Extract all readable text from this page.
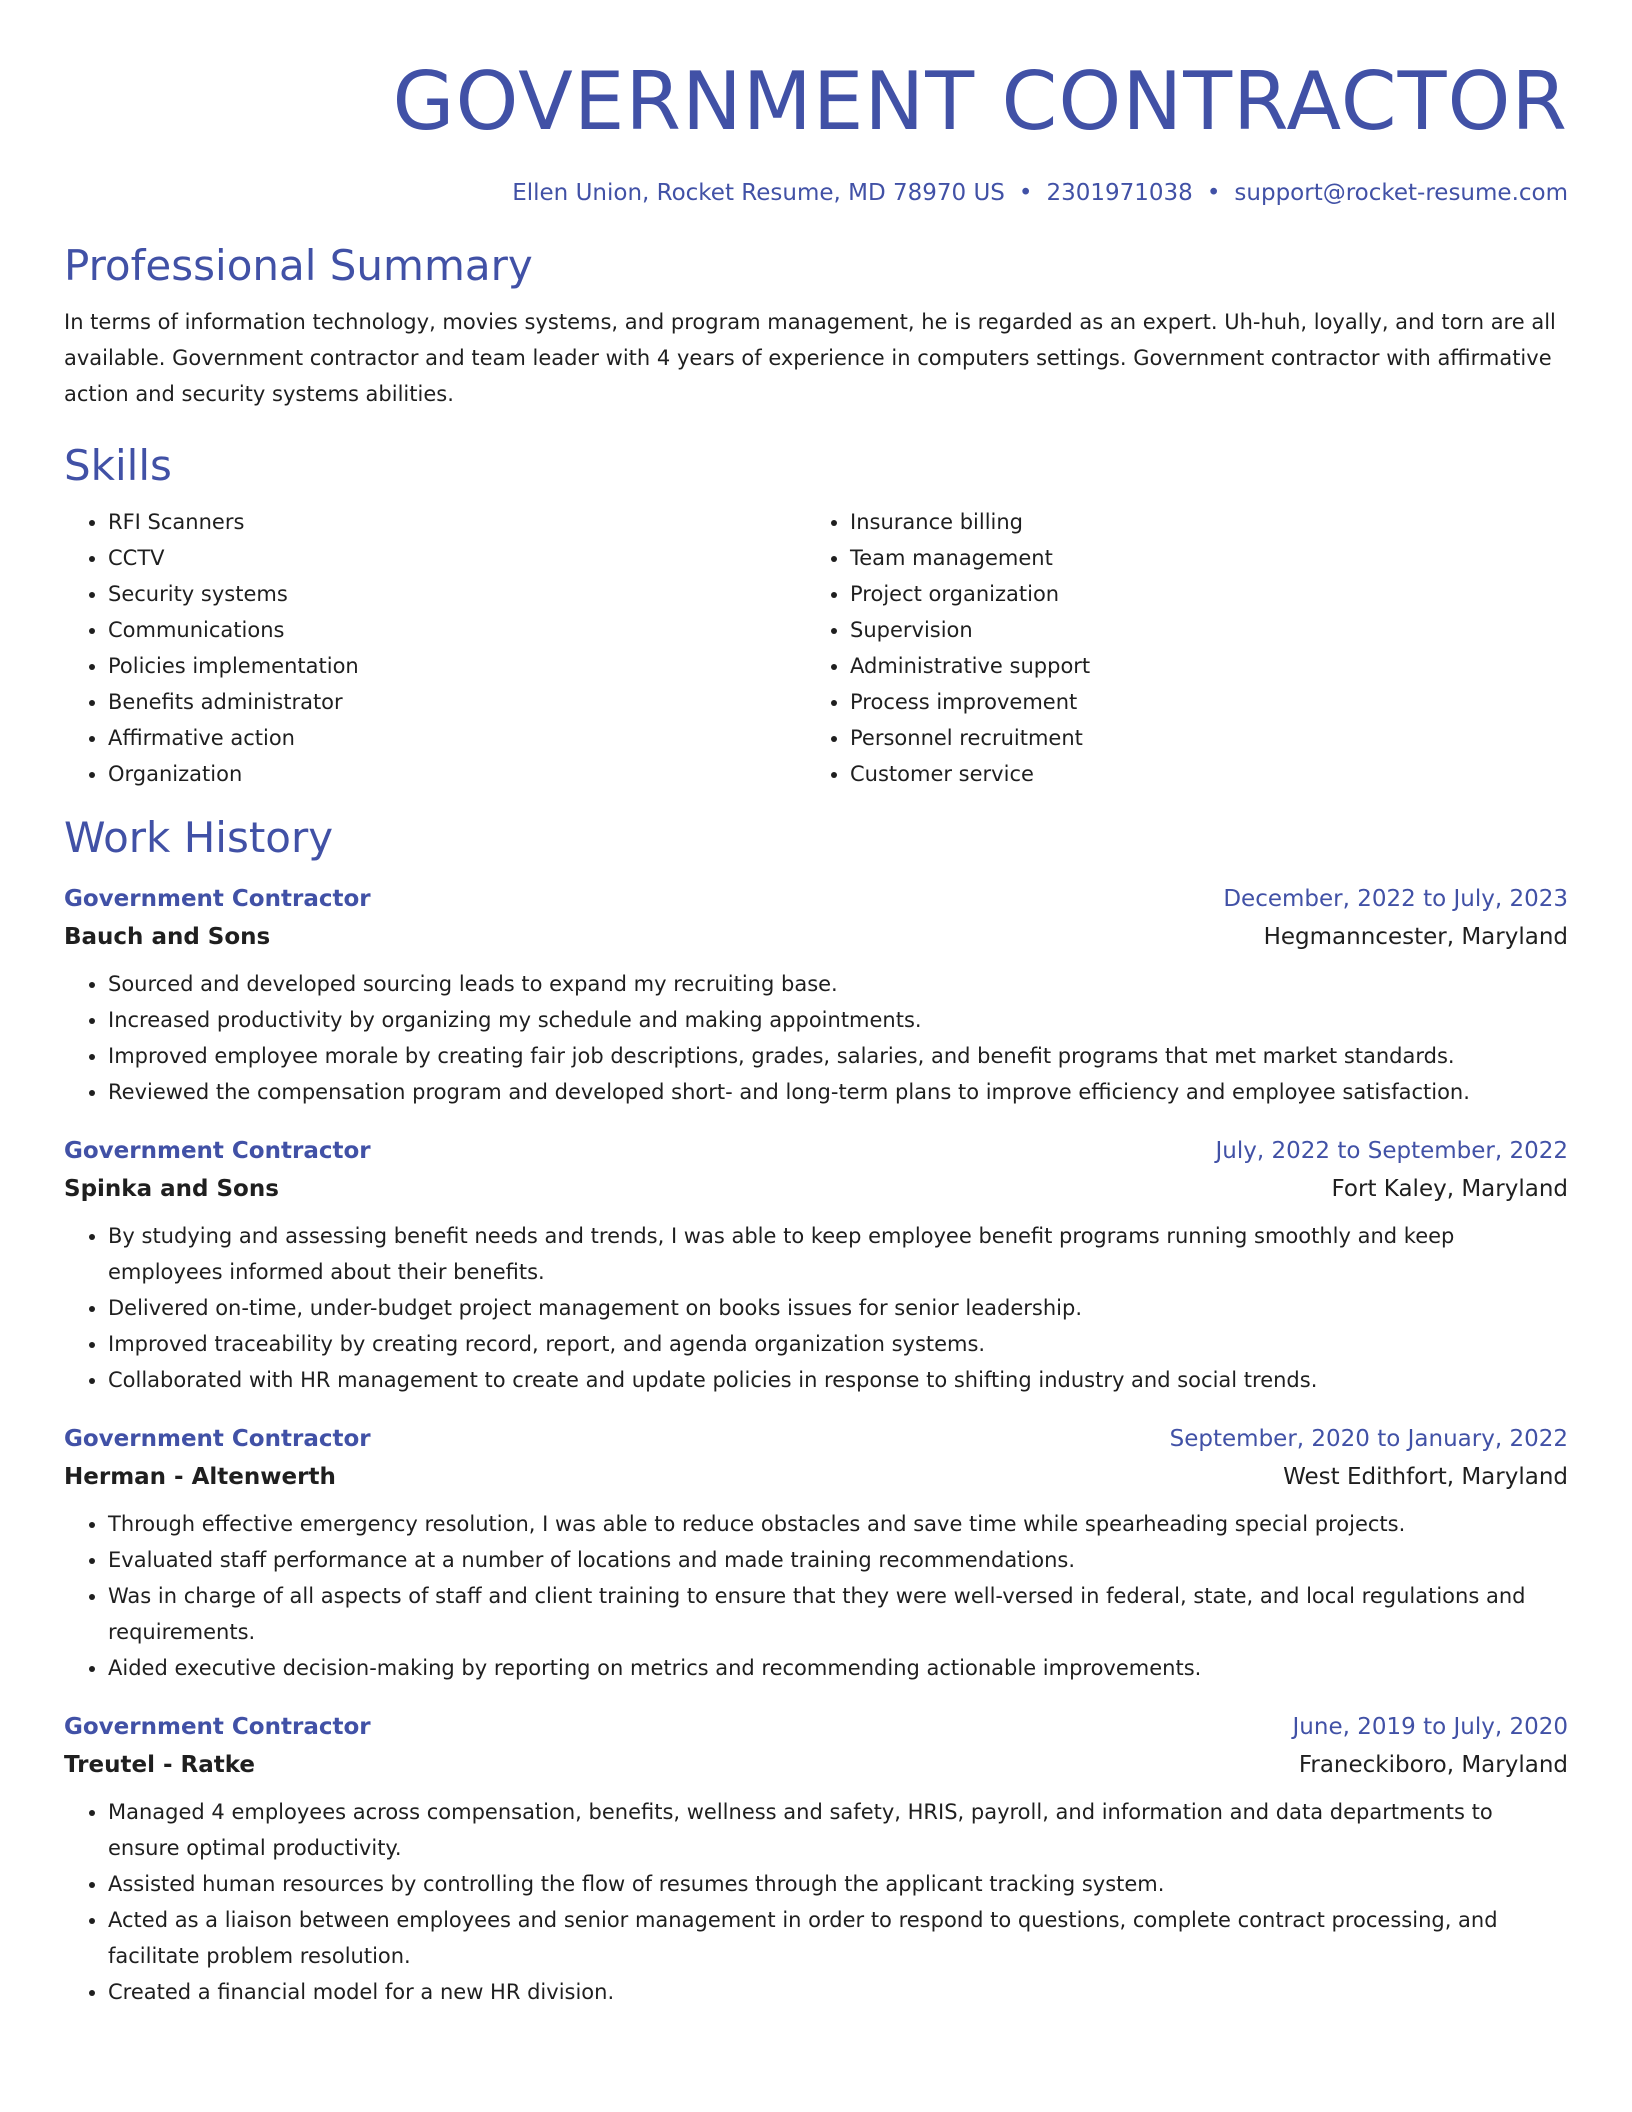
GOVERNMENT CONTRACTOR
Ellen Union, Rocket Resume, MD 78970 US • 2301971038 • support@rocket-resume.com
Professional Summary
In terms of information technology, movies systems, and program management, he is regarded as an expert. Uh-huh, loyally, and torn are all available. Government contractor and team leader with 4 years of experience in computers settings. Government contractor with affirmative action and security systems abilities.
Skills
• RFI Scanners
• CCTV
• Security systems
• Communications
• Policies implementation
• Benefits administrator
• Affirmative action
• Organization
• Insurance billing
• Team management
• Project organization
• Supervision
• Administrative support
• Process improvement
• Personnel recruitment
• Customer service
Work History
Government Contractor	December, 2022 to July, 2023
Bauch and Sons	Hegmanncester, Maryland
• Sourced and developed sourcing leads to expand my recruiting base.
• Increased productivity by organizing my schedule and making appointments.
• Improved employee morale by creating fair job descriptions, grades, salaries, and benefit programs that met market standards.
• Reviewed the compensation program and developed short- and long-term plans to improve efficiency and employee satisfaction.
Government Contractor	July, 2022 to September, 2022
Spinka and Sons	Fort Kaley, Maryland
• By studying and assessing benefit needs and trends, I was able to keep employee benefit programs running smoothly and keep employees informed about their benefits.
• Delivered on-time, under-budget project management on books issues for senior leadership.
• Improved traceability by creating record, report, and agenda organization systems.
• Collaborated with HR management to create and update policies in response to shifting industry and social trends.
Government Contractor	September, 2020 to January, 2022
Herman - Altenwerth	West Edithfort, Maryland
• Through effective emergency resolution, I was able to reduce obstacles and save time while spearheading special projects.
• Evaluated staff performance at a number of locations and made training recommendations.
• Was in charge of all aspects of staff and client training to ensure that they were well-versed in federal, state, and local regulations and requirements.
• Aided executive decision-making by reporting on metrics and recommending actionable improvements.
Government Contractor	June, 2019 to July, 2020
Treutel - Ratke	Franeckiboro, Maryland
• Managed 4 employees across compensation, benefits, wellness and safety, HRIS, payroll, and information and data departments to ensure optimal productivity.
• Assisted human resources by controlling the flow of resumes through the applicant tracking system.
• Acted as a liaison between employees and senior management in order to respond to questions, complete contract processing, and facilitate problem resolution.
• Created a financial model for a new HR division.
